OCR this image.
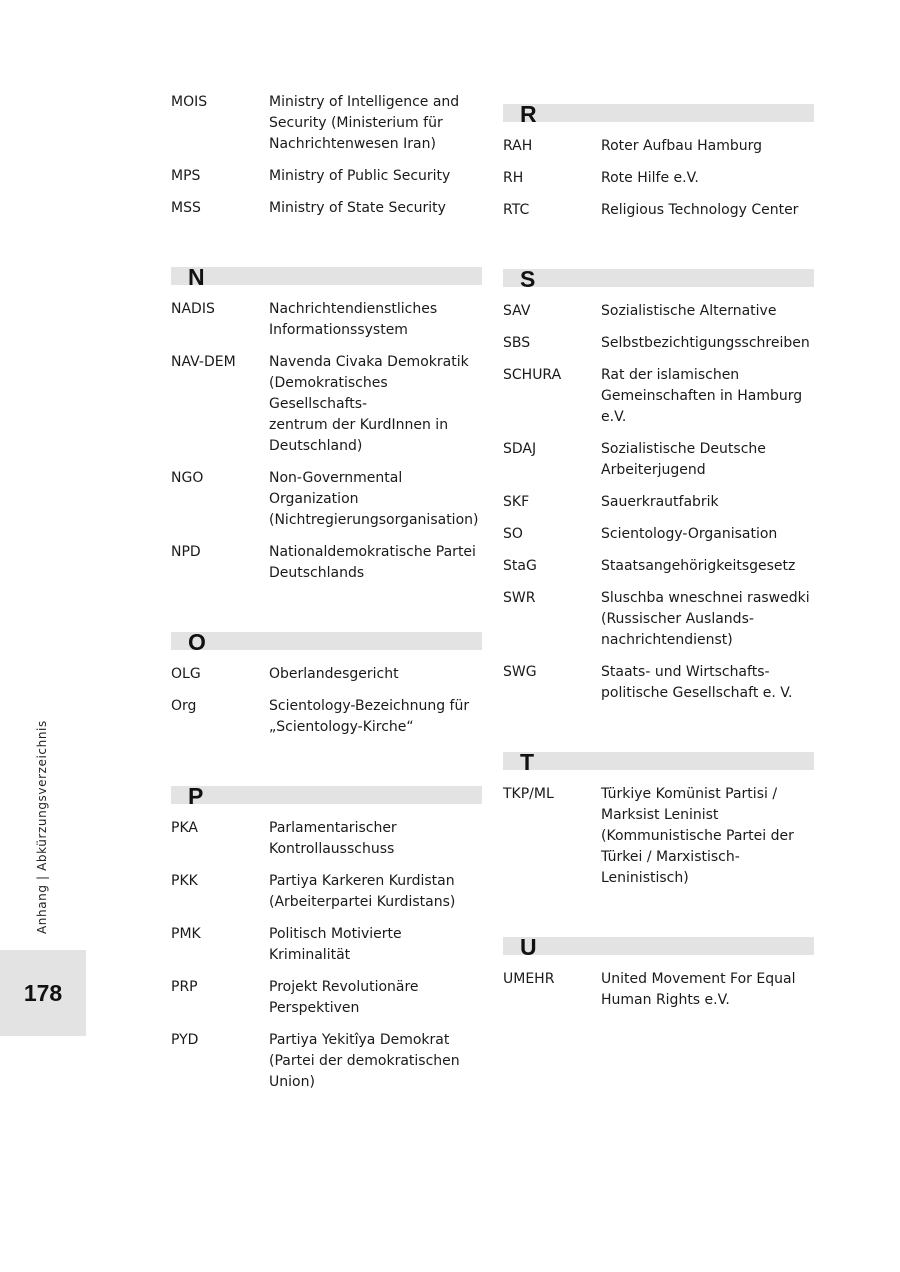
MOIS	Ministry of Intelligence and
Security (Ministerium für
Nachrichtenwesen Iran)
MPS	Ministry of Public Security
MSS	Ministry of State Security
N
NADIS	Nachrichtendienstliches
Informationssystem
NAV-DEM	Navenda Civaka Demokratik
(Demokratisches Gesellschafts-
zentrum der KurdInnen in
Deutschland)
NGO	Non-Governmental
Organization
(Nichtregierungsorganisation)
NPD	Nationaldemokratische Partei
Deutschlands
O
OLG	Oberlandesgericht
Org	Scientology-Bezeichnung für
„Scientology-Kirche“
P
PKA	Parlamentarischer
Kontrollausschuss
PKK	Partiya Karkeren Kurdistan
(Arbeiterpartei Kurdistans)
PMK	Politisch Motivierte
Kriminalität
PRP	Projekt Revolutionäre
Perspektiven
PYD	Partiya Yekitîya Demokrat
(Partei der demokratischen
Union)
R
RAH	Roter Aufbau Hamburg
RH	Rote Hilfe e.V.
RTC	Religious Technology Center
S
SAV	Sozialistische Alternative
SBS	Selbstbezichtigungsschreiben
SCHURA	Rat der islamischen
Gemeinschaften in Hamburg e.V.
SDAJ	Sozialistische Deutsche
Arbeiterjugend
SKF	Sauerkrautfabrik
SO	Scientology-Organisation
StaG	Staatsangehörigkeitsgesetz
SWR	Sluschba wneschnei raswedki
(Russischer Auslands-
nachrichtendienst)
SWG	Staats- und Wirtschafts-
politische Gesellschaft e. V.
T
TKP/ML	Türkiye Komünist Partisi /
Marksist Leninist
(Kommunistische Partei der
Türkei / Marxistisch-Leninistisch)
U
UMEHR	United Movement For Equal
Human Rights e.V.
Anhang | Abkürzungsverzeichnis
178
